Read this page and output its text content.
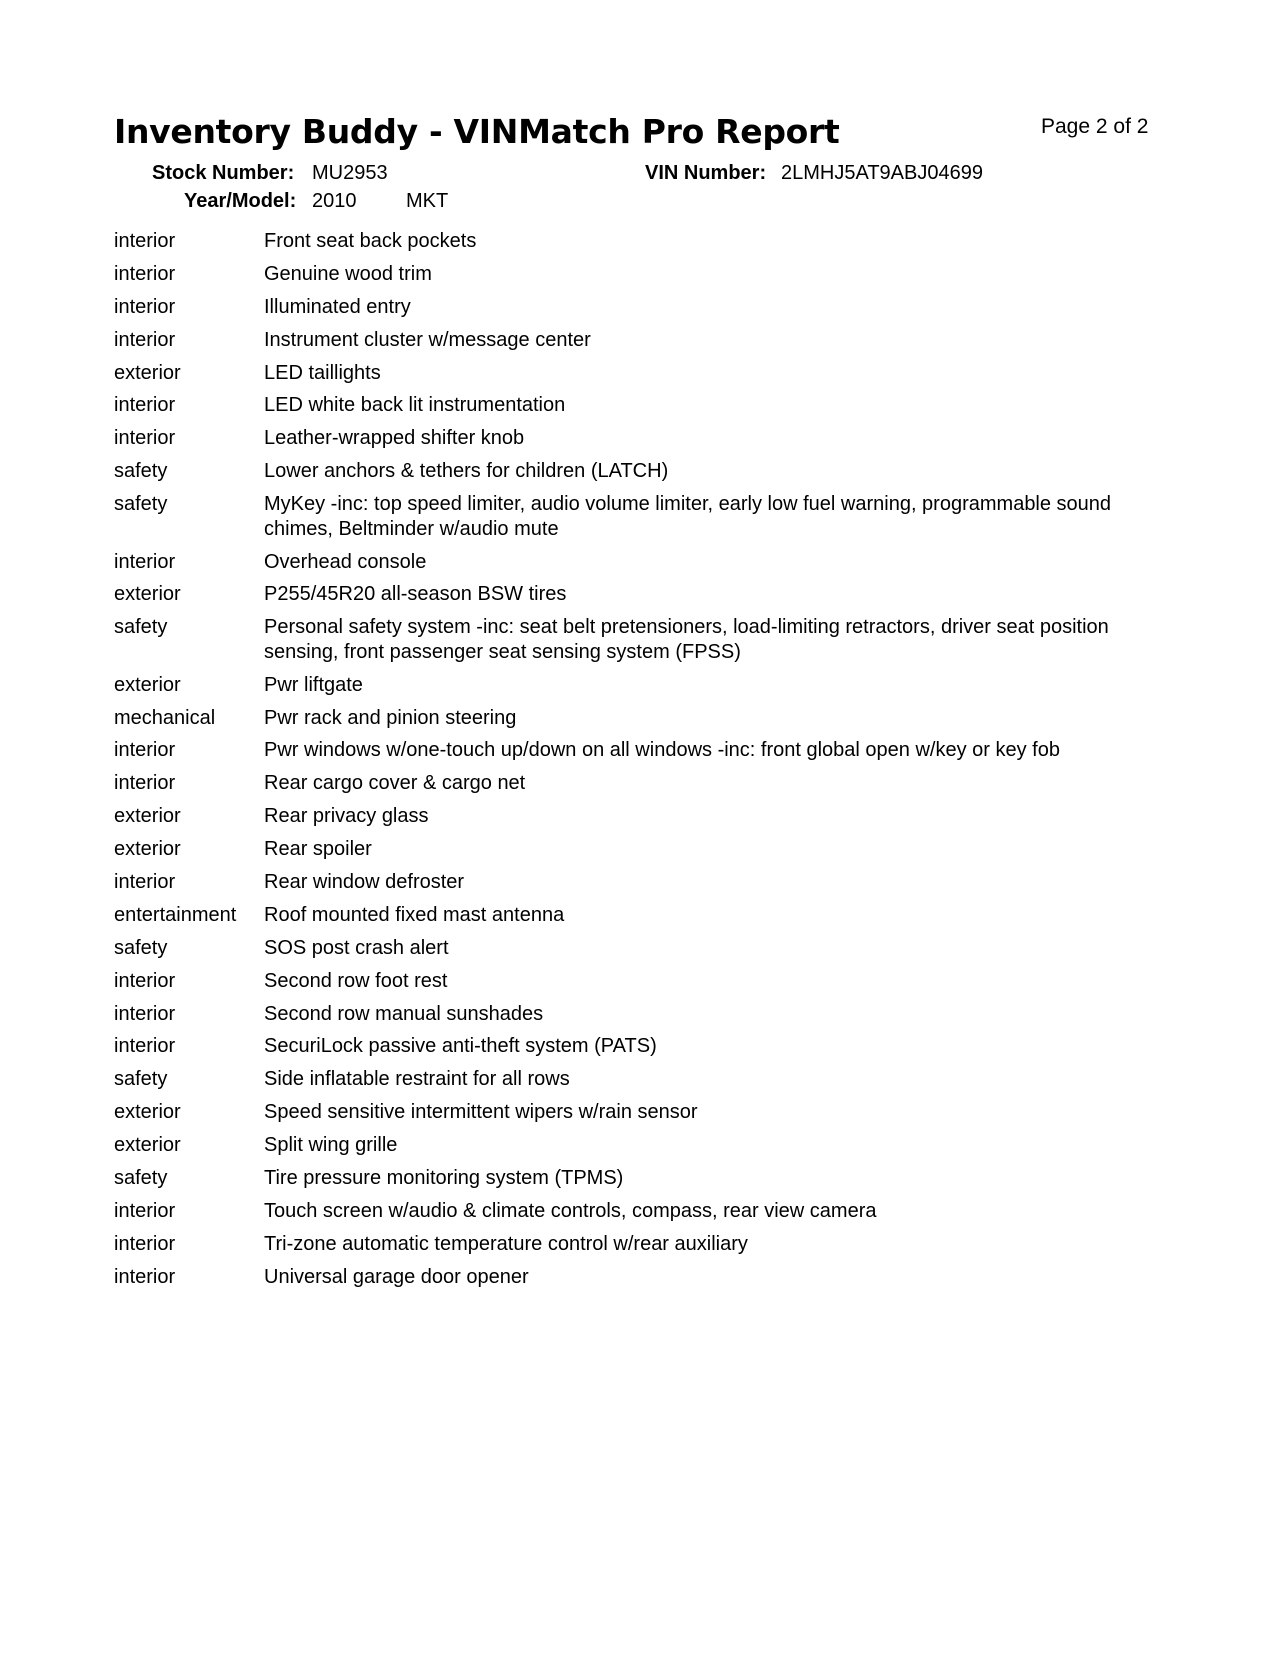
Inventory Buddy - VINMatch Pro Report	Page 2 of 2
Stock Number: MU2953	VIN Number: 2LMHJ5AT9ABJ04699
Year/Model: 2010 MKT
interior	Front seat back pockets
interior	Genuine wood trim
interior	Illuminated entry
interior	Instrument cluster w/message center
exterior	LED taillights
interior	LED white back lit instrumentation
interior	Leather-wrapped shifter knob
safety	Lower anchors & tethers for children (LATCH)
safety	MyKey -inc: top speed limiter, audio volume limiter, early low fuel warning, programmable sound chimes, Beltminder w/audio mute
interior	Overhead console
exterior	P255/45R20 all-season BSW tires
safety	Personal safety system -inc: seat belt pretensioners, load-limiting retractors, driver seat position sensing, front passenger seat sensing system (FPSS)
exterior	Pwr liftgate
mechanical	Pwr rack and pinion steering
interior	Pwr windows w/one-touch up/down on all windows -inc: front global open w/key or key fob
interior	Rear cargo cover & cargo net
exterior	Rear privacy glass
exterior	Rear spoiler
interior	Rear window defroster
entertainment	Roof mounted fixed mast antenna
safety	SOS post crash alert
interior	Second row foot rest
interior	Second row manual sunshades
interior	SecuriLock passive anti-theft system (PATS)
safety	Side inflatable restraint for all rows
exterior	Speed sensitive intermittent wipers w/rain sensor
exterior	Split wing grille
safety	Tire pressure monitoring system (TPMS)
interior	Touch screen w/audio & climate controls, compass, rear view camera
interior	Tri-zone automatic temperature control w/rear auxiliary
interior	Universal garage door opener
